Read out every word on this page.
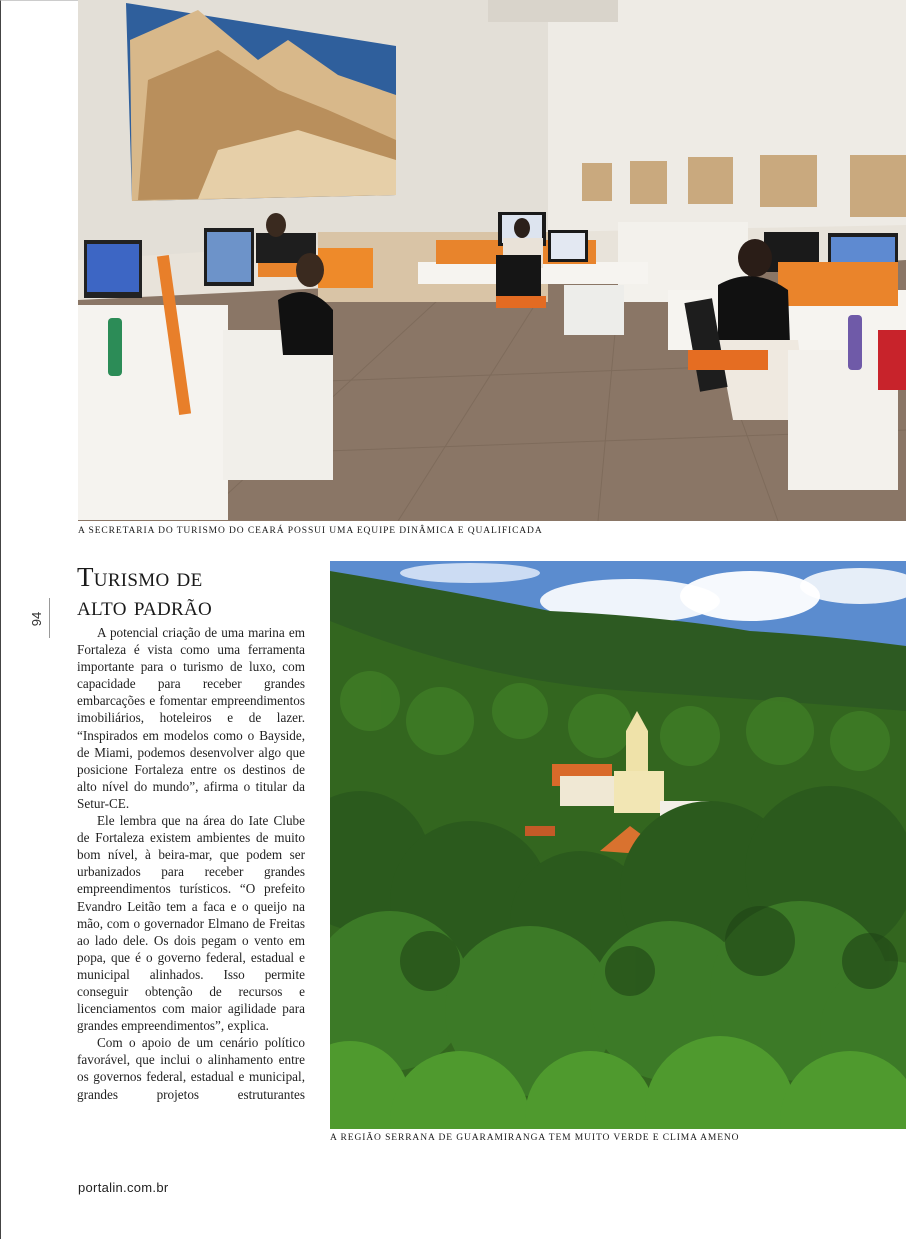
A SECRETARIA DO TURISMO DO CEARÁ POSSUI UMA EQUIPE DINÂMICA E QUALIFICADA
94
Turismo de
alto padrão

A potencial criação de uma marina em Fortaleza é vista como uma ferramenta importante para o turismo de luxo, com capacidade para receber grandes embarcações e fomentar empreendimentos imobiliários, hoteleiros e de lazer. “Inspirados em modelos como o Bayside, de Miami, podemos desenvolver algo que posicione Fortaleza entre os destinos de alto nível do mundo”, afirma o titular da Setur-CE.

Ele lembra que na área do Iate Clube de Fortaleza existem ambientes de muito bom nível, à beira-mar, que podem ser urbanizados para receber grandes empreendimentos turísticos. “O prefeito Evandro Leitão tem a faca e o queijo na mão, com o governador Elmano de Freitas ao lado dele. Os dois pegam o vento em popa, que é o governo federal, estadual e municipal alinhados. Isso permite conseguir obtenção de recursos e licenciamentos com maior agilidade para grandes empreendimentos”, explica.

Com o apoio de um cenário político favorável, que inclui o alinhamento entre os governos federal, estadual e municipal, grandes projetos estruturantes

A REGIÃO SERRANA DE GUARAMIRANGA TEM MUITO VERDE E CLIMA AMENO
portalin.com.br
